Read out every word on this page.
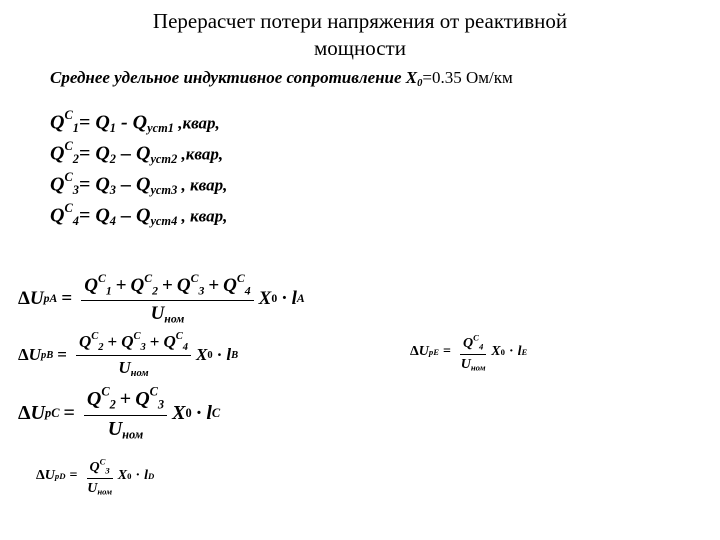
Перерасчет потери напряжения от реактивной
мощности
Среднее удельное индуктивное сопротивление $X_0=0.35$ Ом/км
$Q^C_1= Q_1 - Q_{уст1}$ ,квар,
$Q^C_2= Q_2 - Q_{уст2}$ ,квар,
$Q^C_3= Q_3 - Q_{уст3}$ , квар,
$Q^C_4= Q_4 - Q_{уст4}$ , квар,
Δ U р $A = \frac{Q^C_1 + Q^C_2 + Q^C_3 + Q^C_4}{U_{ном}}$ X 0 · l A
Δ U р $B = \frac{Q^C_2 + Q^C_3 + Q^C_4}{U_{ном}}$ X 0 · l B
Δ U р $C = \frac{Q^C_2 + Q^C_3}{U_{ном}}$ X 0 · l C
Δ U р $D = \frac{Q^C_3}{U_{ном}}$ X 0 · l D
Δ U р $E = \frac{Q^C_4}{U_{ном}}$ X 0 · l E
